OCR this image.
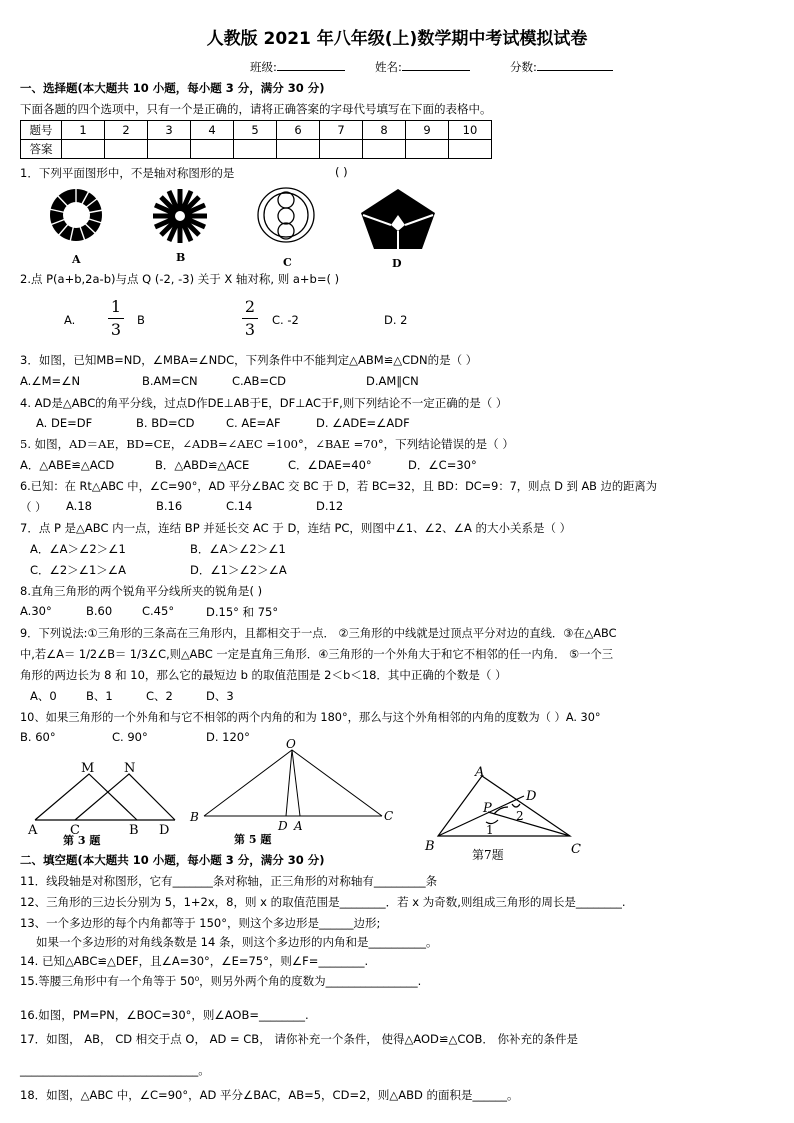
人教版 2021 年八年级(上)数学期中考试模拟试卷
班级:	姓名:	分数:
一、选择题(本大题共 10 小题，每小题 3 分，满分 30 分)
下面各题的四个选项中，只有一个是正确的，请将正确答案的字母代号填写在下面的表格中。
题号	1	2	3	4	5	6	7	8	9	10
答案										
1．下列平面图形中，不是轴对称图形的是	( )
A	B	C	D
2.点 P(a+b,2a-b)与点 Q (-2, -3) 关于 X 轴对称, 则 a+b=( )
A. $\frac{1}{3}$ B	$\frac{2}{3} C$. -2	D. 2
3．如图，已知MB=ND，∠MBA=∠NDC，下列条件中不能判定△ABM≌△CDN的是（ ）
A.∠M=∠N	B.AM=CN	C.AB=CD	D.AM∥CN
4. AD是△ABC的角平分线，过点D作DE⊥AB于E，DF⊥AC于F,则下列结论不一定正确的是（ ）
A. DE=DF	B. BD=CD	C. AE=AF	D. ∠ADE=∠ADF
5. 如图，AD＝AE，BD=CE，∠ADB=∠AEC =100°，∠BAE =70°，下列结论错误的是（ ）
A．△ABE≌△ACD	B．△ABD≌△ACE	C．∠DAE=40°	D．∠C=30°
6.已知：在 Rt△ABC 中，∠C=90°，AD 平分∠BAC 交 BC 于 D，若 BC=32，且 BD：DC=9：7，则点 D 到 AB 边的距离为
（ ） A.18	B.16	C.14	D.12
7．点 P 是△ABC 内一点，连结 BP 并延长交 AC 于 D，连结 PC，则图中∠1、∠2、∠A 的大小关系是（ ）
A．∠A＞∠2＞∠1	B．∠A＞∠2＞∠1
C．∠2＞∠1＞∠A	D．∠1＞∠2＞∠A
8.直角三角形的两个锐角平分线所夹的锐角是( )
A.30°	B.60	C.45°	D.15° 和 75°
9．下列说法:①三角形的三条高在三角形内，且都相交于一点． ②三角形的中线就是过顶点平分对边的直线．③在△ABC
中,若∠A＝ 1/2∠B＝ 1/3∠C,则△ABC 一定是直角三角形．④三角形的一个外角大于和它不相邻的任一内角． ⑤一个三
角形的两边长为 8 和 10，那么它的最短边 b 的取值范围是 2＜b＜18．其中正确的个数是（ ）
A、0	B、1	C、2	D、3
10、如果三角形的一个外角和与它不相邻的两个内角的和为 180°，那么与这个外角相邻的内角的度数为（ ）A. 30°
B. 60°	C. 90°	D. 120°
M N
A	C	B D
第 3 题
O
B
D A
C
第 5 题
A
D
P 2
1
B	C
第7题
二、填空题(本大题共 10 小题，每小题 3 分，满分 30 分)
11．线段轴是对称图形，它有_______条对称轴，正三角形的对称轴有_________条
12、三角形的三边长分别为 5，1+2x，8，则 x 的取值范围是________．若 x 为奇数,则组成三角形的周长是________.
13、一个多边形的每个内角都等于 150°，则这个多边形是______边形;
如果一个多边形的对角线条数是 14 条，则这个多边形的内角和是__________。
14. 已知△ABC≌△DEF，且∠A=30°，∠E=75°，则∠F=________.
15.等腰三角形中有一个角等于 50⁰，则另外两个角的度数为________________.
16.如图，PM=PN，∠BOC=30°，则∠AOB=________.
17．如图， AB， CD 相交于点 O， AD = CB， 请你补充一个条件， 使得△AOD≌△COB． 你补充的条件是
_______________________________。
18．如图，△ABC 中，∠C=90°，AD 平分∠BAC，AB=5，CD=2，则△ABD 的面积是______。
